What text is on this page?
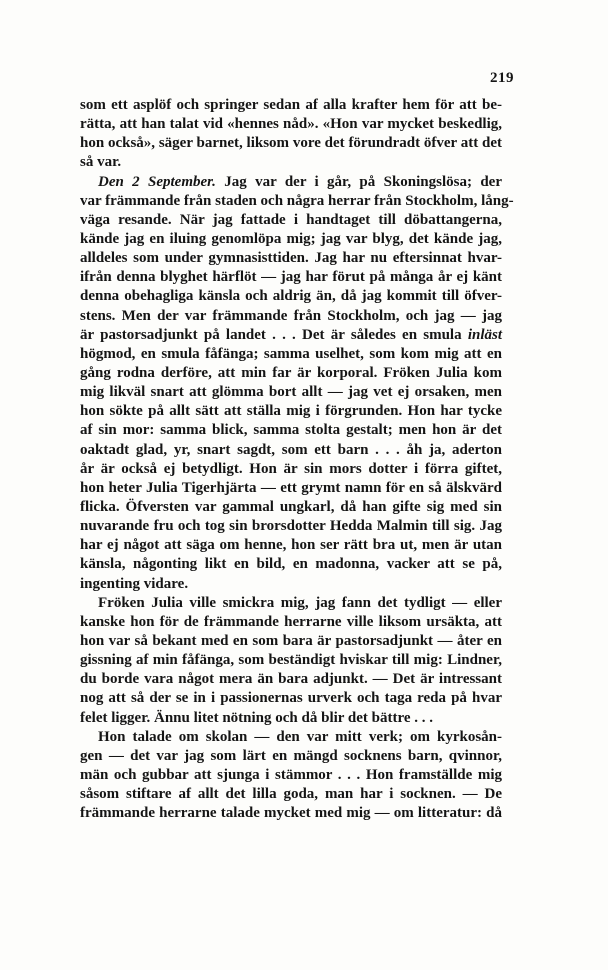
219
som ett asplöf och springer sedan af alla krafter hem för att be-
rätta, att han talat vid «hennes nåd». «Hon var mycket beskedlig,
hon också», säger barnet, liksom vore det förundradt öfver att det
så var.
Den 2 September. Jag var der i går, på Skoningslösa; der
var främmande från staden och några herrar från Stockholm, lång-
väga resande. När jag fattade i handtaget till döbattangerna,
kände jag en iluing genomlöpa mig; jag var blyg, det kände jag,
alldeles som under gymnasisttiden. Jag har nu eftersinnat hvar-
ifrån denna blyghet härflöt — jag har förut på många år ej känt
denna obehagliga känsla och aldrig än, då jag kommit till öfver-
stens. Men der var främmande från Stockholm, och jag — jag
är pastorsadjunkt på landet . . . Det är således en smula inläst
högmod, en smula fåfänga; samma uselhet, som kom mig att en
gång rodna derföre, att min far är korporal. Fröken Julia kom
mig likväl snart att glömma bort allt — jag vet ej orsaken, men
hon sökte på allt sätt att ställa mig i förgrunden. Hon har tycke
af sin mor: samma blick, samma stolta gestalt; men hon är det
oaktadt glad, yr, snart sagdt, som ett barn . . . åh ja, aderton
år är också ej betydligt. Hon är sin mors dotter i förra giftet,
hon heter Julia Tigerhjärta — ett grymt namn för en så älskvärd
flicka. Öfversten var gammal ungkarl, då han gifte sig med sin
nuvarande fru och tog sin brorsdotter Hedda Malmin till sig. Jag
har ej något att säga om henne, hon ser rätt bra ut, men är utan
känsla, någonting likt en bild, en madonna, vacker att se på,
ingenting vidare.
Fröken Julia ville smickra mig, jag fann det tydligt — eller
kanske hon för de främmande herrarne ville liksom ursäkta, att
hon var så bekant med en som bara är pastorsadjunkt — åter en
gissning af min fåfänga, som beständigt hviskar till mig: Lindner,
du borde vara något mera än bara adjunkt. — Det är intressant
nog att så der se in i passionernas urverk och taga reda på hvar
felet ligger. Ännu litet nötning och då blir det bättre . . .
Hon talade om skolan — den var mitt verk; om kyrkosån-
gen — det var jag som lärt en mängd socknens barn, qvinnor,
män och gubbar att sjunga i stämmor . . . Hon framställde mig
såsom stiftare af allt det lilla goda, man har i socknen. — De
främmande herrarne talade mycket med mig — om litteratur: då
